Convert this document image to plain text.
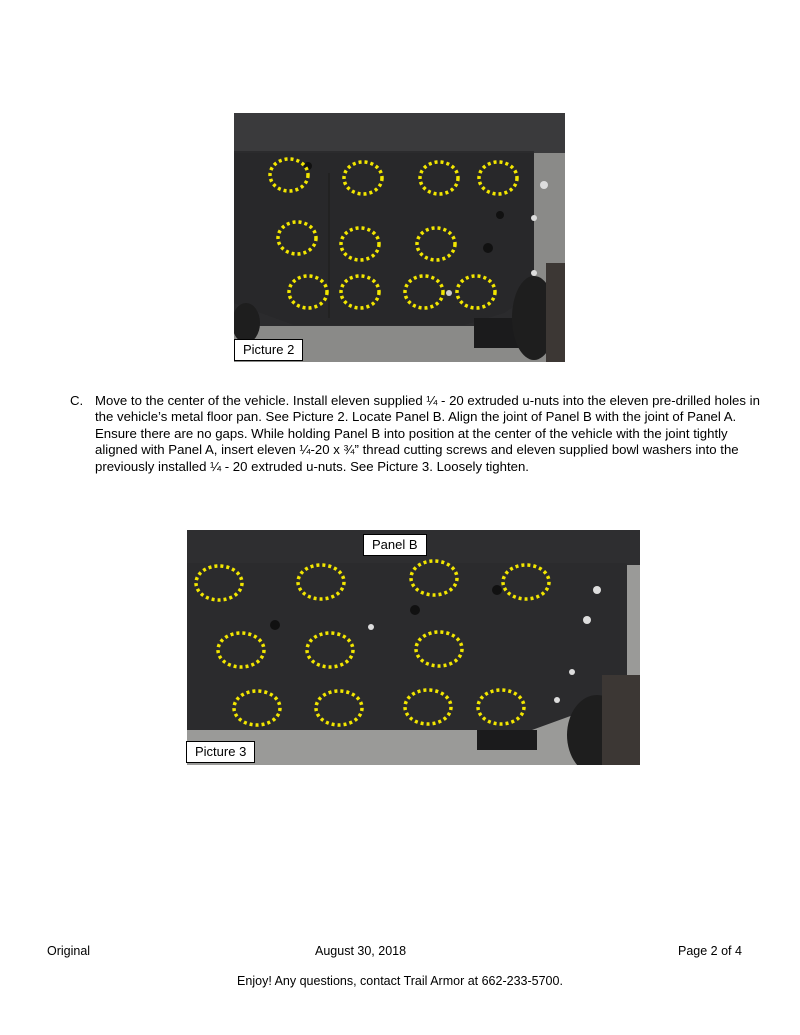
Picture 2
C. Move to the center of the vehicle. Install eleven supplied ¼ - 20 extruded u-nuts into the eleven pre-drilled holes in the vehicle’s metal floor pan. See Picture 2. Locate Panel B. Align the joint of Panel B with the joint of Panel A. Ensure there are no gaps. While holding Panel B into position at the center of the vehicle with the joint tightly aligned with Panel A, insert eleven ¼-20 x ¾” thread cutting screws and eleven supplied bowl washers into the previously installed ¼ - 20 extruded u-nuts. See Picture 3. Loosely tighten.
Panel B
Picture 3
Original	August 30, 2018	Page 2 of 4
Enjoy! Any questions, contact Trail Armor at 662-233-5700.
